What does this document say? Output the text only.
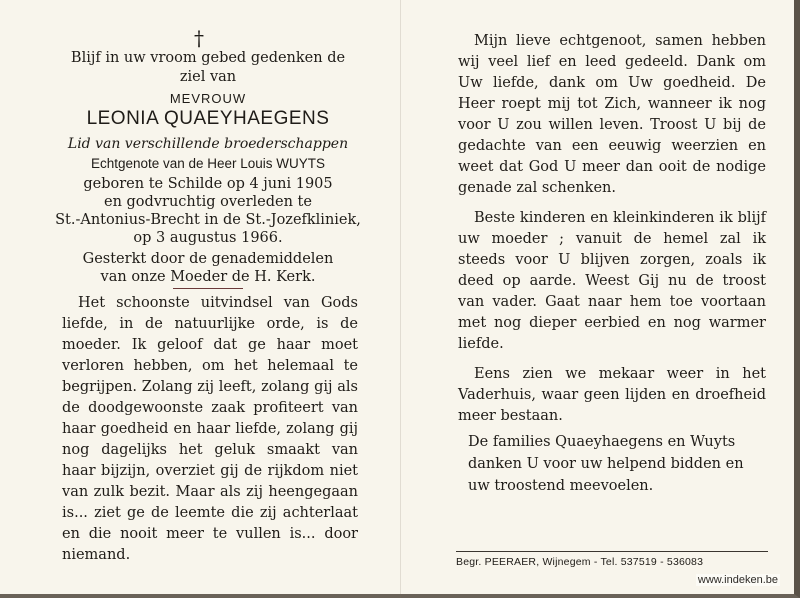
†
Blijf in uw vroom gebed gedenken de
ziel van
MEVROUW
LEONIA QUAEYHAEGENS
Lid van verschillende broederschappen
Echtgenote van de Heer Louis WUYTS
geboren te Schilde op 4 juni 1905
en godvruchtig overleden te
St.-Antonius-Brecht in de St.-Jozefkliniek,
op 3 augustus 1966.
Gesterkt door de genademiddelen
van onze Moeder de H. Kerk.

Het schoonste uitvindsel van Gods liefde, in de natuurlijke orde, is de moeder. Ik geloof dat ge haar moet verloren hebben, om het helemaal te begrijpen. Zolang zij leeft, zolang gij als de doodgewoonste zaak profiteert van haar goedheid en haar liefde, zolang gij nog dagelijks het geluk smaakt van haar bijzijn, overziet gij de rijkdom niet van zulk bezit. Maar als zij heengegaan is... ziet ge de leemte die zij achterlaat en die nooit meer te vullen is... door niemand.

Mijn lieve echtgenoot, samen hebben wij veel lief en leed gedeeld. Dank om Uw liefde, dank om Uw goedheid. De Heer roept mij tot Zich, wanneer ik nog voor U zou willen leven. Troost U bij de gedachte van een eeuwig weerzien en weet dat God U meer dan ooit de nodige genade zal schenken.

Beste kinderen en kleinkinderen ik blijf uw moeder ; vanuit de hemel zal ik steeds voor U blijven zorgen, zoals ik deed op aarde. Weest Gij nu de troost van vader. Gaat naar hem toe voortaan met nog dieper eerbied en nog warmer liefde.

Eens zien we mekaar weer in het Vaderhuis, waar geen lijden en droefheid meer bestaan.

De families Quaeyhaegens en Wuyts danken U voor uw helpend bidden en uw troostend meevoelen.

Begr. PEERAER, Wijnegem - Tel. 537519 - 536083
www.indeken.be
